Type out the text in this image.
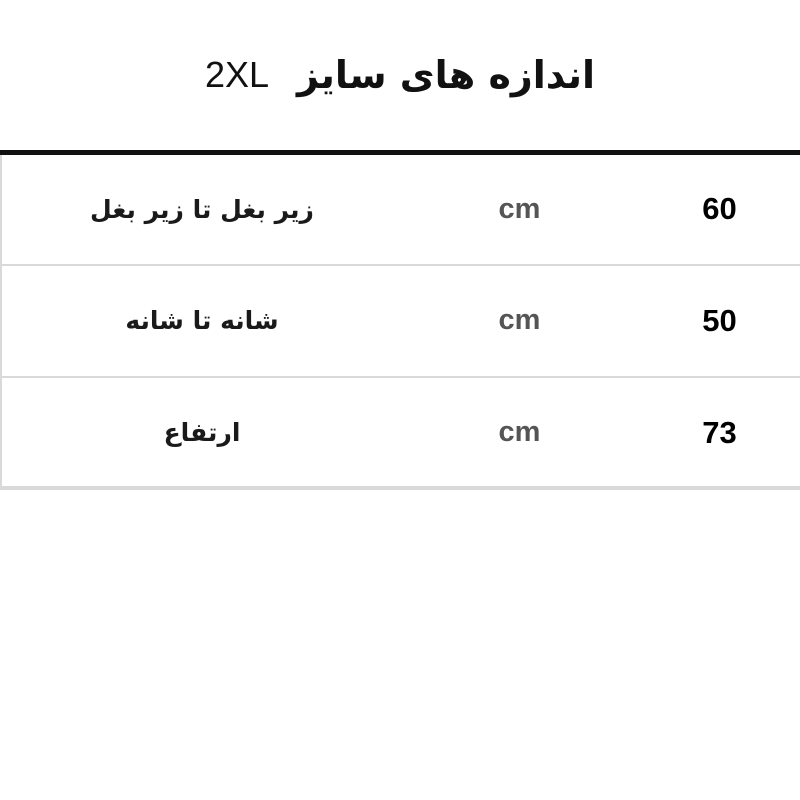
اندازه های سایز
2XL
60	cm	زیر بغل تا زیر بغل
50	cm	شانه تا شانه
73	cm	ارتفاع
